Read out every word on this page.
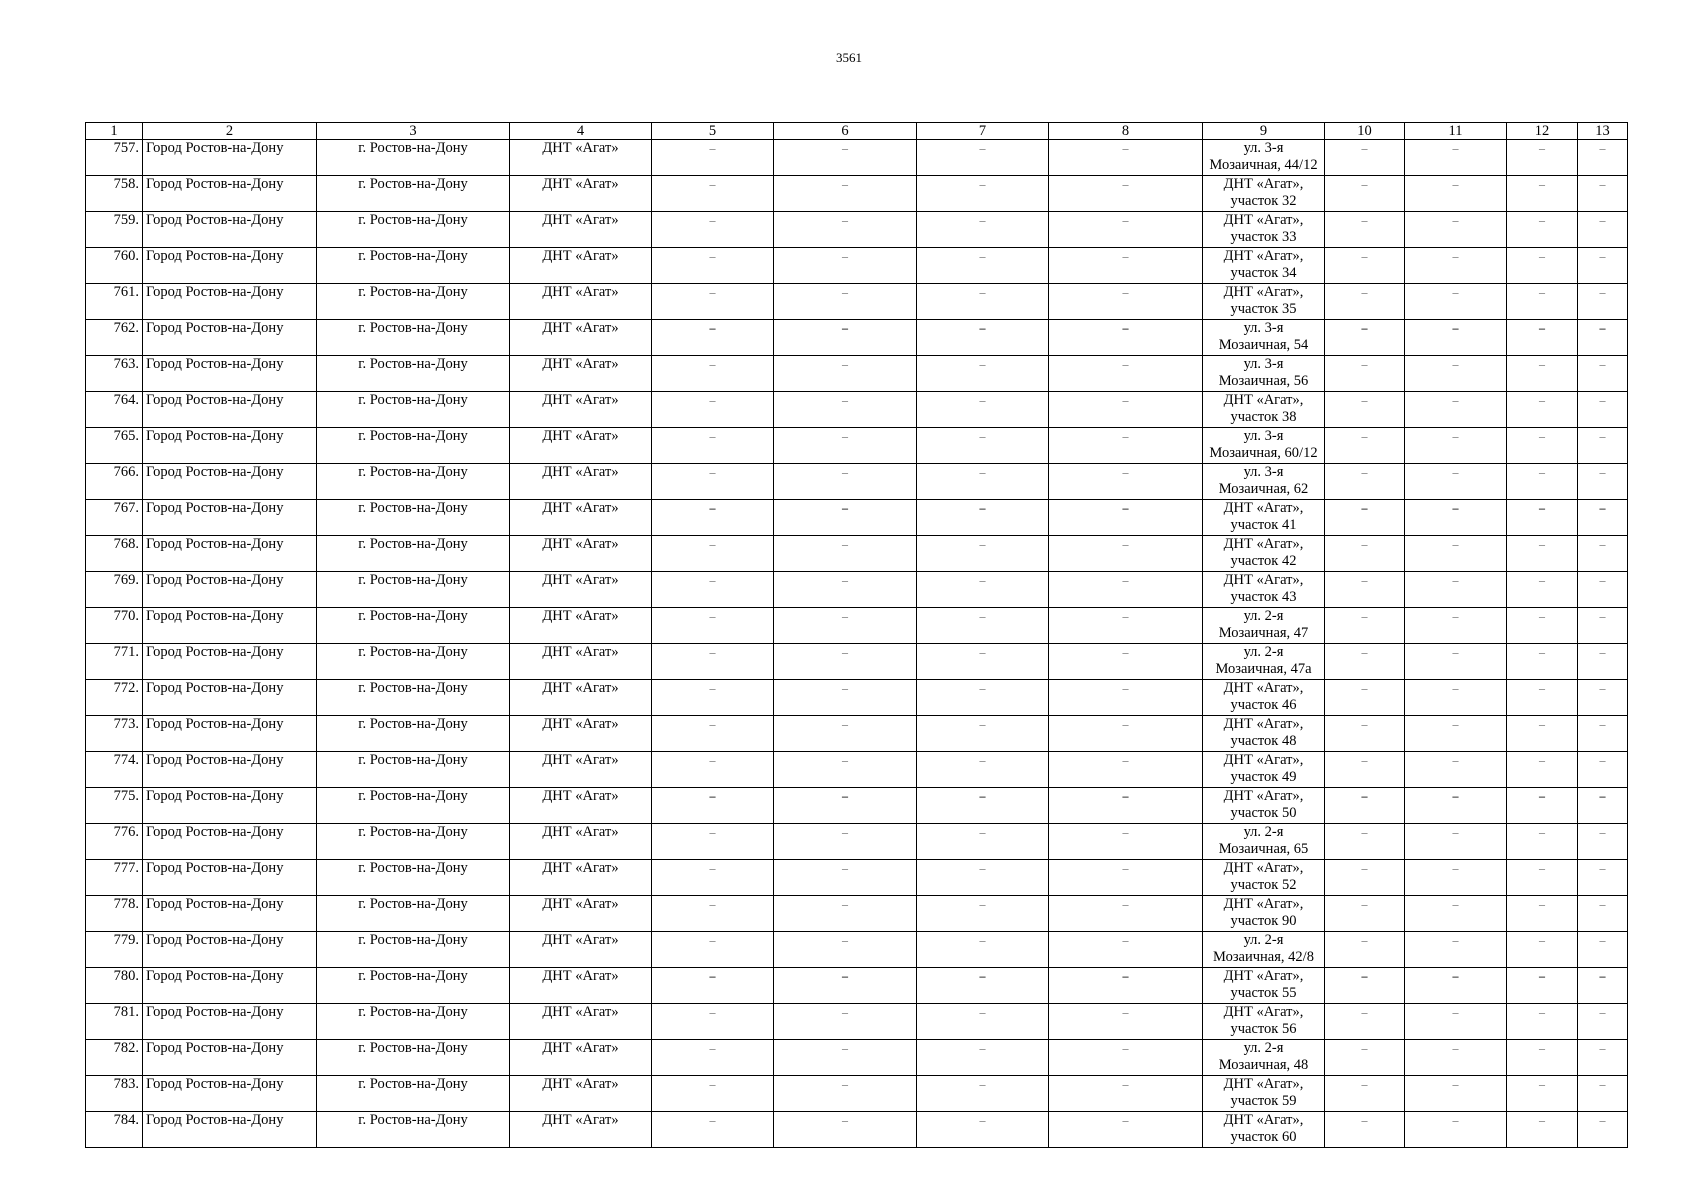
3561
1	2	3	4	5	6	7	8	9	10	11	12	13
757.	Город Ростов-на-Дону	г. Ростов-на-Дону	ДНТ «Агат»	–	–	–	–	ул. 3-я
Мозаичная, 44/12	–	–	–	–
758.	Город Ростов-на-Дону	г. Ростов-на-Дону	ДНТ «Агат»	–	–	–	–	ДНТ «Агат»,
участок 32	–	–	–	–
759.	Город Ростов-на-Дону	г. Ростов-на-Дону	ДНТ «Агат»	–	–	–	–	ДНТ «Агат»,
участок 33	–	–	–	–
760.	Город Ростов-на-Дону	г. Ростов-на-Дону	ДНТ «Агат»	–	–	–	–	ДНТ «Агат»,
участок 34	–	–	–	–
761.	Город Ростов-на-Дону	г. Ростов-на-Дону	ДНТ «Агат»	–	–	–	–	ДНТ «Агат»,
участок 35	–	–	–	–
762.	Город Ростов-на-Дону	г. Ростов-на-Дону	ДНТ «Агат»	–	–	–	–	ул. 3-я
Мозаичная, 54	–	–	–	–
763.	Город Ростов-на-Дону	г. Ростов-на-Дону	ДНТ «Агат»	–	–	–	–	ул. 3-я
Мозаичная, 56	–	–	–	–
764.	Город Ростов-на-Дону	г. Ростов-на-Дону	ДНТ «Агат»	–	–	–	–	ДНТ «Агат»,
участок 38	–	–	–	–
765.	Город Ростов-на-Дону	г. Ростов-на-Дону	ДНТ «Агат»	–	–	–	–	ул. 3-я
Мозаичная, 60/12	–	–	–	–
766.	Город Ростов-на-Дону	г. Ростов-на-Дону	ДНТ «Агат»	–	–	–	–	ул. 3-я
Мозаичная, 62	–	–	–	–
767.	Город Ростов-на-Дону	г. Ростов-на-Дону	ДНТ «Агат»	–	–	–	–	ДНТ «Агат»,
участок 41	–	–	–	–
768.	Город Ростов-на-Дону	г. Ростов-на-Дону	ДНТ «Агат»	–	–	–	–	ДНТ «Агат»,
участок 42	–	–	–	–
769.	Город Ростов-на-Дону	г. Ростов-на-Дону	ДНТ «Агат»	–	–	–	–	ДНТ «Агат»,
участок 43	–	–	–	–
770.	Город Ростов-на-Дону	г. Ростов-на-Дону	ДНТ «Агат»	–	–	–	–	ул. 2-я
Мозаичная, 47	–	–	–	–
771.	Город Ростов-на-Дону	г. Ростов-на-Дону	ДНТ «Агат»	–	–	–	–	ул. 2-я
Мозаичная, 47а	–	–	–	–
772.	Город Ростов-на-Дону	г. Ростов-на-Дону	ДНТ «Агат»	–	–	–	–	ДНТ «Агат»,
участок 46	–	–	–	–
773.	Город Ростов-на-Дону	г. Ростов-на-Дону	ДНТ «Агат»	–	–	–	–	ДНТ «Агат»,
участок 48	–	–	–	–
774.	Город Ростов-на-Дону	г. Ростов-на-Дону	ДНТ «Агат»	–	–	–	–	ДНТ «Агат»,
участок 49	–	–	–	–
775.	Город Ростов-на-Дону	г. Ростов-на-Дону	ДНТ «Агат»	–	–	–	–	ДНТ «Агат»,
участок 50	–	–	–	–
776.	Город Ростов-на-Дону	г. Ростов-на-Дону	ДНТ «Агат»	–	–	–	–	ул. 2-я
Мозаичная, 65	–	–	–	–
777.	Город Ростов-на-Дону	г. Ростов-на-Дону	ДНТ «Агат»	–	–	–	–	ДНТ «Агат»,
участок 52	–	–	–	–
778.	Город Ростов-на-Дону	г. Ростов-на-Дону	ДНТ «Агат»	–	–	–	–	ДНТ «Агат»,
участок 90	–	–	–	–
779.	Город Ростов-на-Дону	г. Ростов-на-Дону	ДНТ «Агат»	–	–	–	–	ул. 2-я
Мозаичная, 42/8	–	–	–	–
780.	Город Ростов-на-Дону	г. Ростов-на-Дону	ДНТ «Агат»	–	–	–	–	ДНТ «Агат»,
участок 55	–	–	–	–
781.	Город Ростов-на-Дону	г. Ростов-на-Дону	ДНТ «Агат»	–	–	–	–	ДНТ «Агат»,
участок 56	–	–	–	–
782.	Город Ростов-на-Дону	г. Ростов-на-Дону	ДНТ «Агат»	–	–	–	–	ул. 2-я
Мозаичная, 48	–	–	–	–
783.	Город Ростов-на-Дону	г. Ростов-на-Дону	ДНТ «Агат»	–	–	–	–	ДНТ «Агат»,
участок 59	–	–	–	–
784.	Город Ростов-на-Дону	г. Ростов-на-Дону	ДНТ «Агат»	–	–	–	–	ДНТ «Агат»,
участок 60	–	–	–	–
